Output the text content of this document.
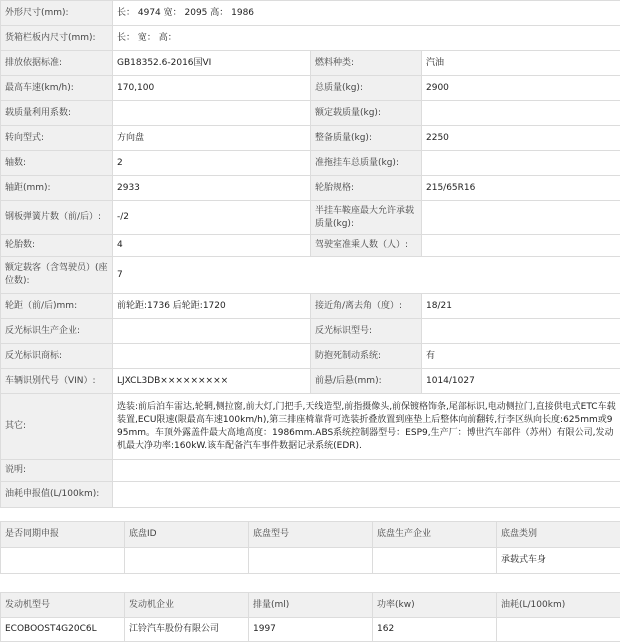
外形尺寸(mm):	长： 4974 宽： 2095 高： 1986		
货箱栏板内尺寸(mm):	长： 宽： 高：		
排放依据标准:	GB18352.6-2016国VI	燃料种类:	汽油
最高车速(km/h):	170,100	总质量(kg):	2900
载质量利用系数:		额定载质量(kg):	
转向型式:	方向盘	整备质量(kg):	2250
轴数:	2	准拖挂车总质量(kg):	
轴距(mm):	2933	轮胎规格:	215/65R16
钢板弹簧片数（前/后）:	-/2	半挂车鞍座最大允许承载质量(kg):	
轮胎数:	4	驾驶室准乘人数（人）:	
额定载客（含驾驶员）(座位数):	7		
轮距（前/后)mm:	前轮距:1736 后轮距:1720	接近角/离去角（度）:	18/21
反光标识生产企业:		反光标识型号:	
反光标识商标:		防抱死制动系统:	有
车辆识别代号（VIN）:	LJXCL3DB×××××××××	前悬/后悬(mm):	1014/1027
其它:	选装:前后泊车雷达,轮辋,侧拉窗,前大灯,门把手,天线造型,前指摄像头,前保镀格饰条,尾部标识,电动侧拉门,直接供电式ETC车载装置,ECU限速(限最高车速100km/h),第三排座椅靠背可选装折叠放置到座垫上后整体向前翻转,行李区纵向长度:625mm或995mm。车顶外露盖件最大高地高度：1986mm.ABS系统控制器型号：ESP9,生产厂：博世汽车部件（苏州）有限公司,发动机最大净功率:160kW.该车配备汽车事件数据记录系统(EDR).		
说明:			
油耗申报值(L/100km):			
是否同期申报	底盘ID	底盘型号	底盘生产企业	底盘类别
				承载式车身
发动机型号	发动机企业	排量(ml)	功率(kw)	油耗(L/100km)
ECOBOOST4G20C6L	江铃汽车股份有限公司	1997	162	
